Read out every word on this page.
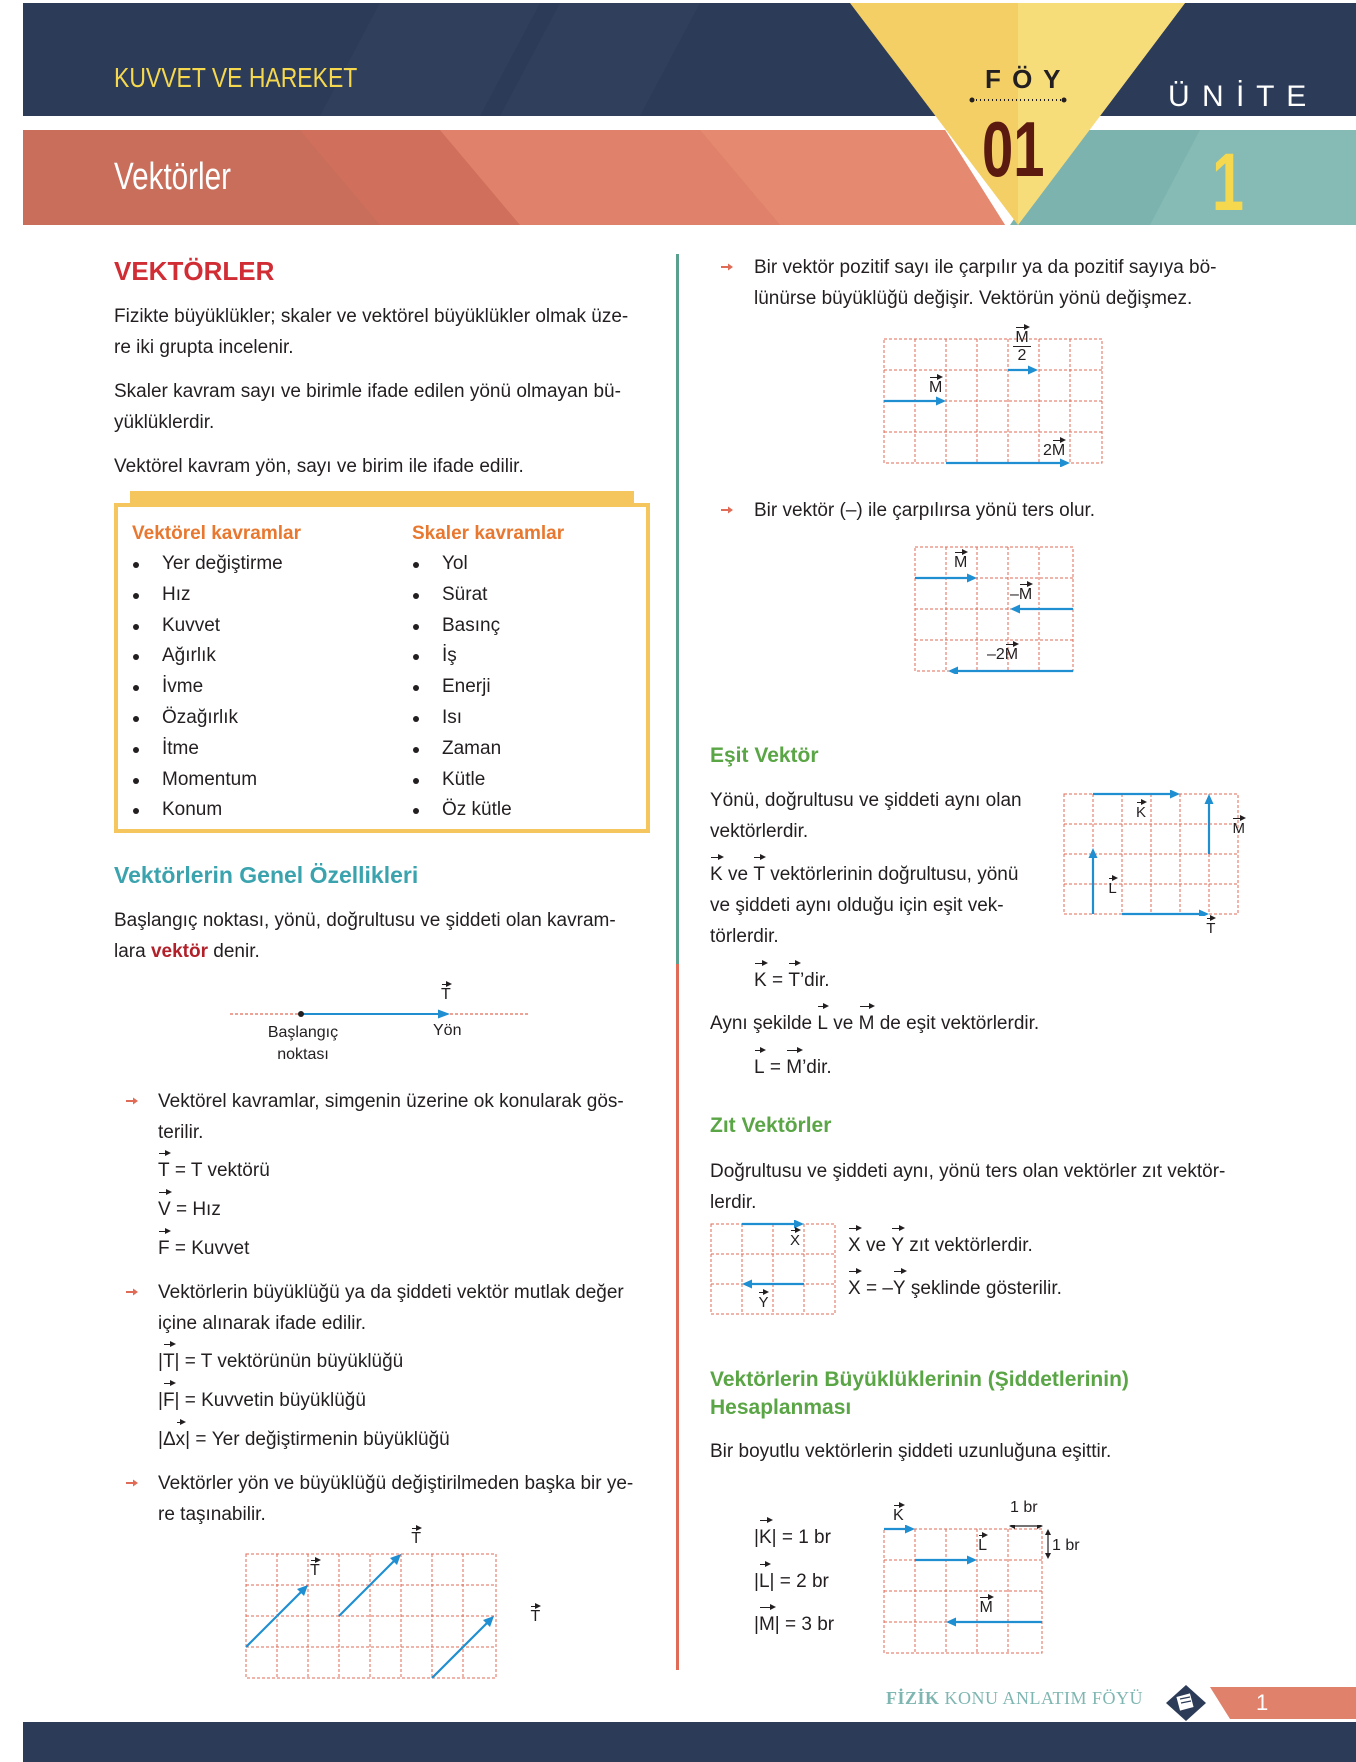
KUVVET VE HAREKET
Vektörler
F Ö Y
01
Ü N İ T E
1
VEKTÖRLER
Fizikte büyüklükler; skaler ve vektörel büyüklükler olmak üze-
re iki grupta incelenir.
Skaler kavram sayı ve birimle ifade edilen yönü olmayan bü-
yüklüklerdir.
Vektörel kavram yön, sayı ve birim ile ifade edilir.
Vektörel kavramlar	Skaler kavramlar
Yer değiştirme
Hız
Kuvvet
Ağırlık
İvme
Özağırlık
İtme
Momentum
Konum
Yol
Sürat
Basınç
İş
Enerji
Isı
Zaman
Kütle
Öz kütle
Vektörlerin Genel Özellikleri
Başlangıç noktası, yönü, doğrultusu ve şiddeti olan kavram-
lara vektör denir.
T
Başlangıç
noktası
Yön
Vektörel kavramlar, simgenin üzerine ok konularak gös-
terilir.
T = T vektörü
V = Hız
F = Kuvvet
Vektörlerin büyüklüğü ya da şiddeti vektör mutlak değer
içine alınarak ifade edilir.
|T| = T vektörünün büyüklüğü
|F| = Kuvvetin büyüklüğü
|Δx| = Yer değiştirmenin büyüklüğü
Vektörler yön ve büyüklüğü değiştirilmeden başka bir ye-
re taşınabilir.
T T T
Bir vektör pozitif sayı ile çarpılır ya da pozitif sayıya bö-
lünürse büyüklüğü değişir. Vektörün yönü değişmez.
M
M
2
2M
Bir vektör (–) ile çarpılırsa yönü ters olur.
M
–M
–2M
Eşit Vektör
Yönü, doğrultusu ve şiddeti aynı olan
vektörlerdir.
K ve T vektörlerinin doğrultusu, yönü
ve şiddeti aynı olduğu için eşit vek-
törlerdir.
K = T’dir.
Aynı şekilde L ve M de eşit vektörlerdir.
L = M’dir.
K M L T
Zıt Vektörler
Doğrultusu ve şiddeti aynı, yönü ters olan vektörler zıt vektör-
lerdir.
X Y
X ve Y zıt vektörlerdir.
X = –Y şeklinde gösterilir.
Vektörlerin Büyüklüklerinin (Şiddetlerinin)
Hesaplanması
Bir boyutlu vektörlerin şiddeti uzunluğuna eşittir.
|K| = 1 br
|L| = 2 br
|M| = 3 br
K L M
1 br
1 br
FİZİK KONU ANLATIM FÖYÜ	1
